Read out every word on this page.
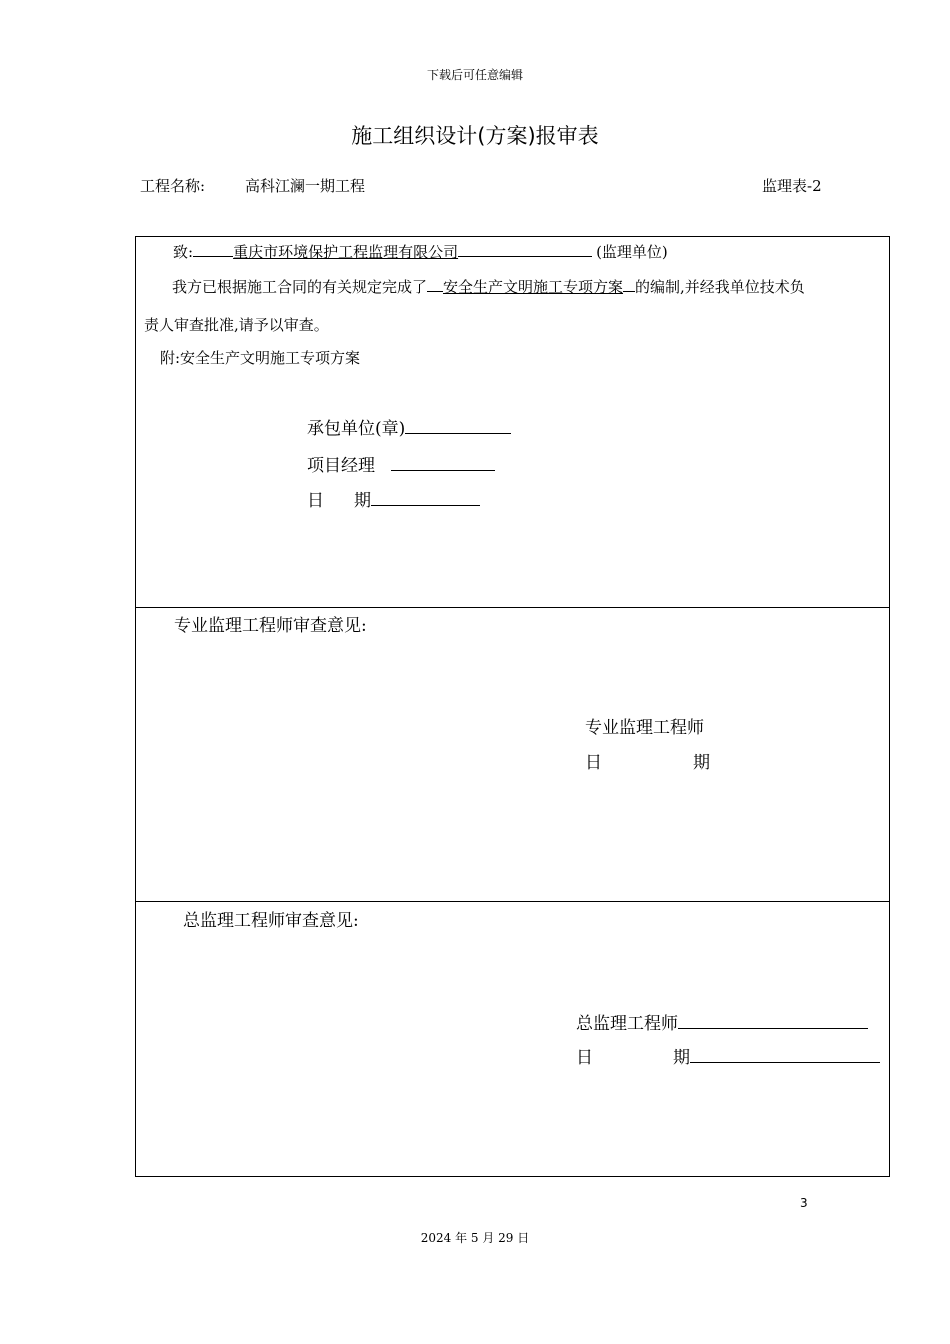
下载后可任意编辑
施工组织设计(方案)报审表
工程名称:	高科江澜一期工程	监理表-2
致:	重庆市环境保护工程监理有限公司	(监理单位)
我方已根据施工合同的有关规定完成了 安全生产文明施工专项方案 的编制,并经我单位技术负
责人审查批准,请予以审查。
附:安全生产文明施工专项方案
承包单位(章)
项目经理
日 期
专业监理工程师审查意见:
专业监理工程师
日	期
总监理工程师审查意见:
总监理工程师
日	期
3
2024 年 5 月 29 日
